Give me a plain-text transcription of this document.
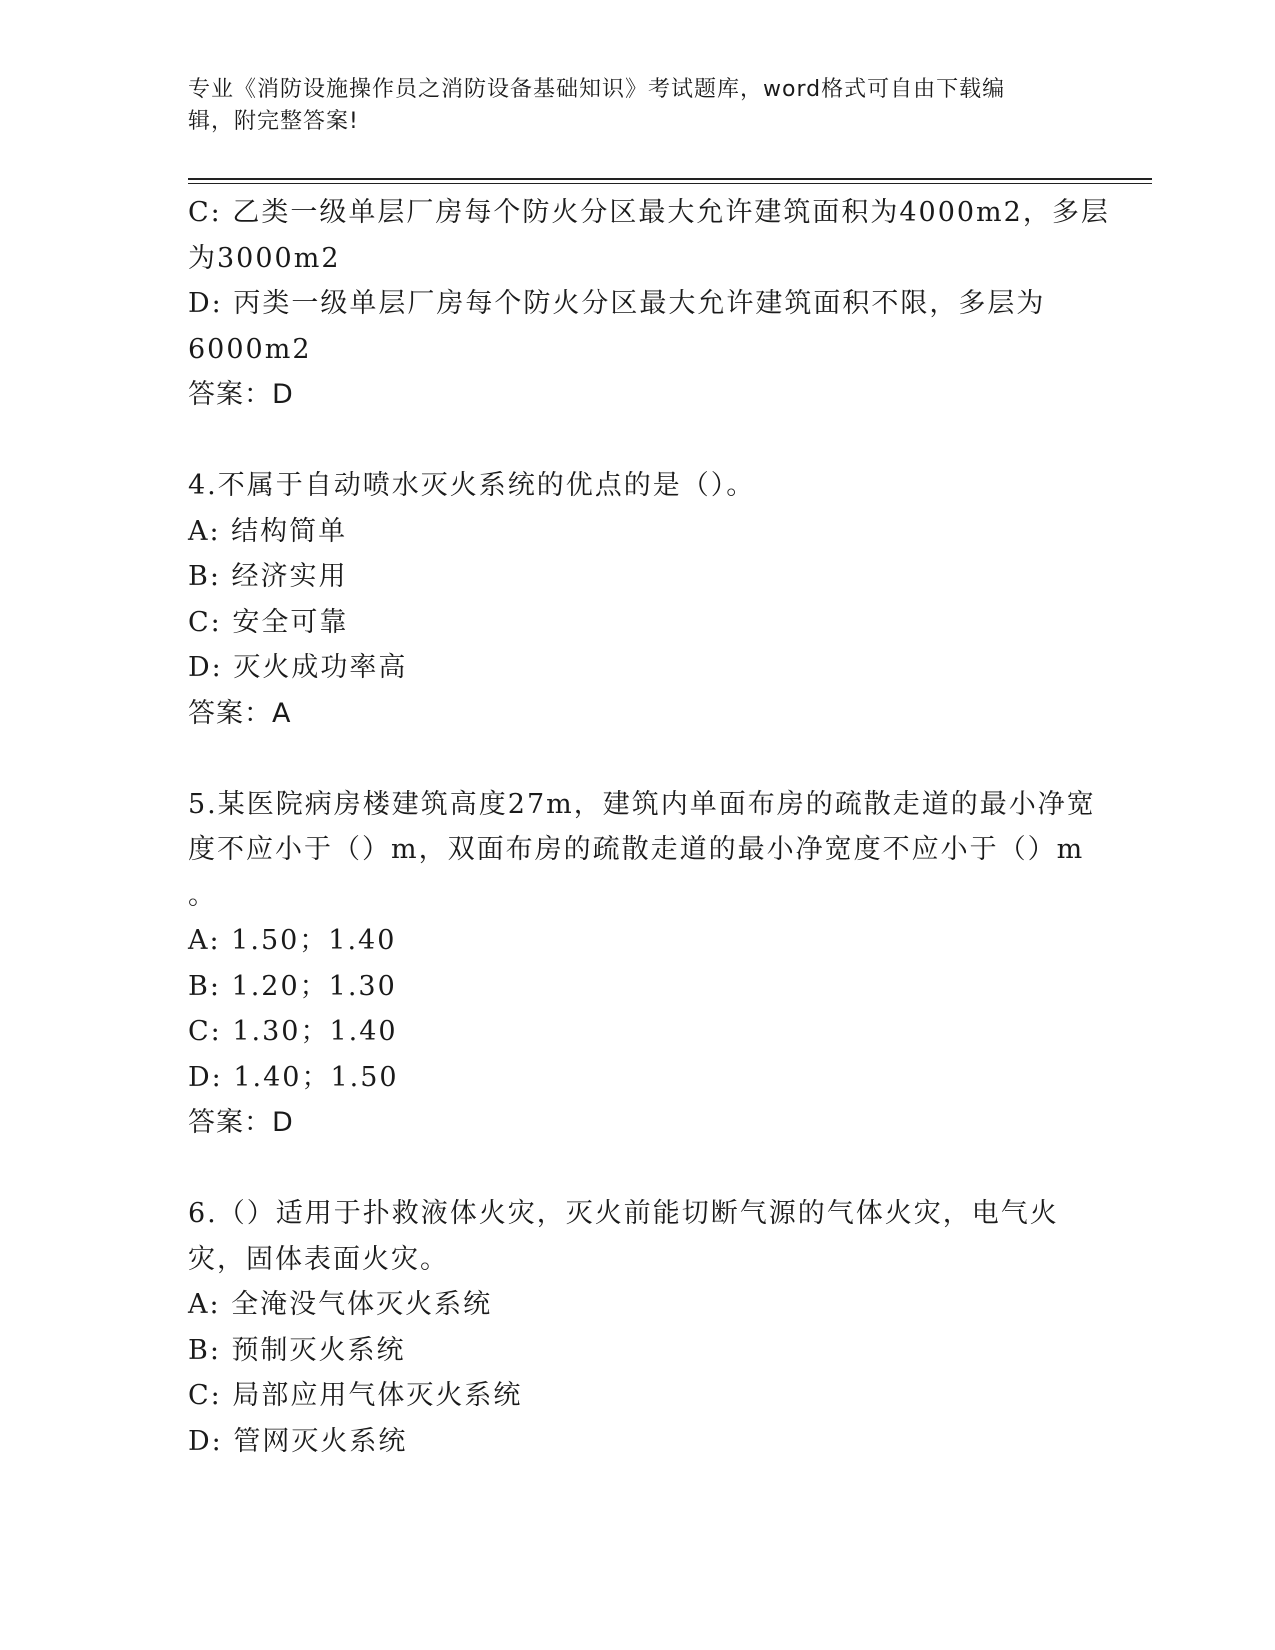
专业《消防设施操作员之消防设备基础知识》考试题库，word格式可自由下载编
辑，附完整答案!
C: 乙类一级单层厂房每个防火分区最大允许建筑面积为4000m2，多层
为3000m2
D: 丙类一级单层厂房每个防火分区最大允许建筑面积不限，多层为
6000m2
答案：D
4.不属于自动喷水灭火系统的优点的是（）。
A: 结构简单
B: 经济实用
C: 安全可靠
D: 灭火成功率高
答案：A
5.某医院病房楼建筑高度27m，建筑内单面布房的疏散走道的最小净宽
度不应小于（）m，双面布房的疏散走道的最小净宽度不应小于（）m
。
A: 1.50；1.40
B: 1.20；1.30
C: 1.30；1.40
D: 1.40；1.50
答案：D
6.（）适用于扑救液体火灾，灭火前能切断气源的气体火灾，电气火
灾，固体表面火灾。
A: 全淹没气体灭火系统
B: 预制灭火系统
C: 局部应用气体灭火系统
D: 管网灭火系统
